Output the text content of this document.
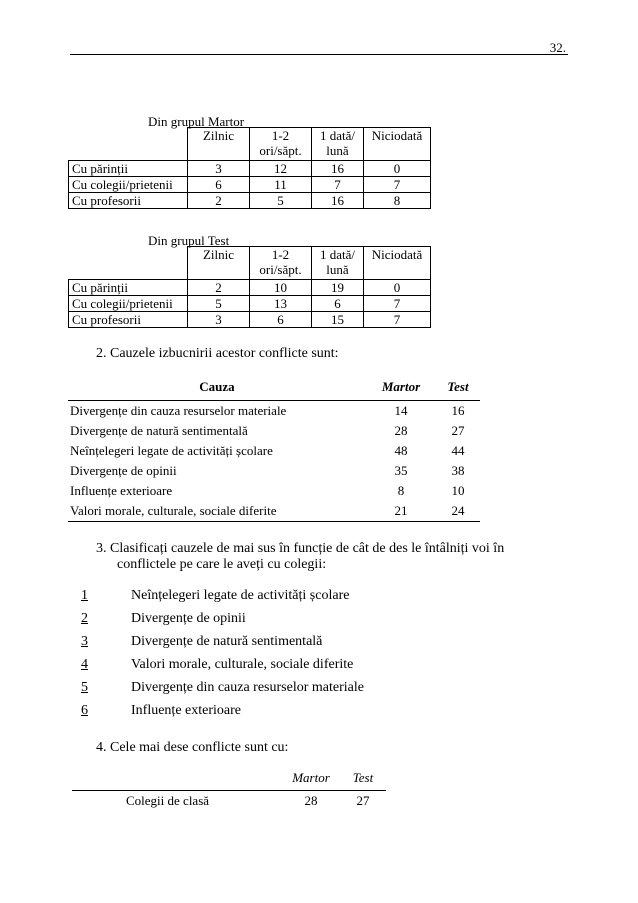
32.
Din grupul Martor
	Zilnic	1-2 ori/săpt.	1 dată/ lună	Niciodată
Cu părinții	3	12	16	0
Cu colegii/prietenii	6	11	7	7
Cu profesorii	2	5	16	8
Din grupul Test
	Zilnic	1-2 ori/săpt.	1 dată/ lună	Niciodată
Cu părinții	2	10	19	0
Cu colegii/prietenii	5	13	6	7
Cu profesorii	3	6	15	7
2. Cauzele izbucnirii acestor conflicte sunt:
Cauza	Martor	Test
Divergențe din cauza resurselor materiale	14	16
Divergențe de natură sentimentală	28	27
Neînțelegeri legate de activități școlare	48	44
Divergențe de opinii	35	38
Influențe exterioare	8	10
Valori morale, culturale, sociale diferite	21	24
3. Clasificați cauzele de mai sus în funcție de cât de des le întâlniți voi în
conflictele pe care le aveți cu colegii:
1	Neînțelegeri legate de activități școlare
2	Divergențe de opinii
3	Divergențe de natură sentimentală
4	Valori morale, culturale, sociale diferite
5	Divergențe din cauza resurselor materiale
6	Influențe exterioare
4. Cele mai dese conflicte sunt cu:
	Martor	Test
Colegii de clasă	28	27
